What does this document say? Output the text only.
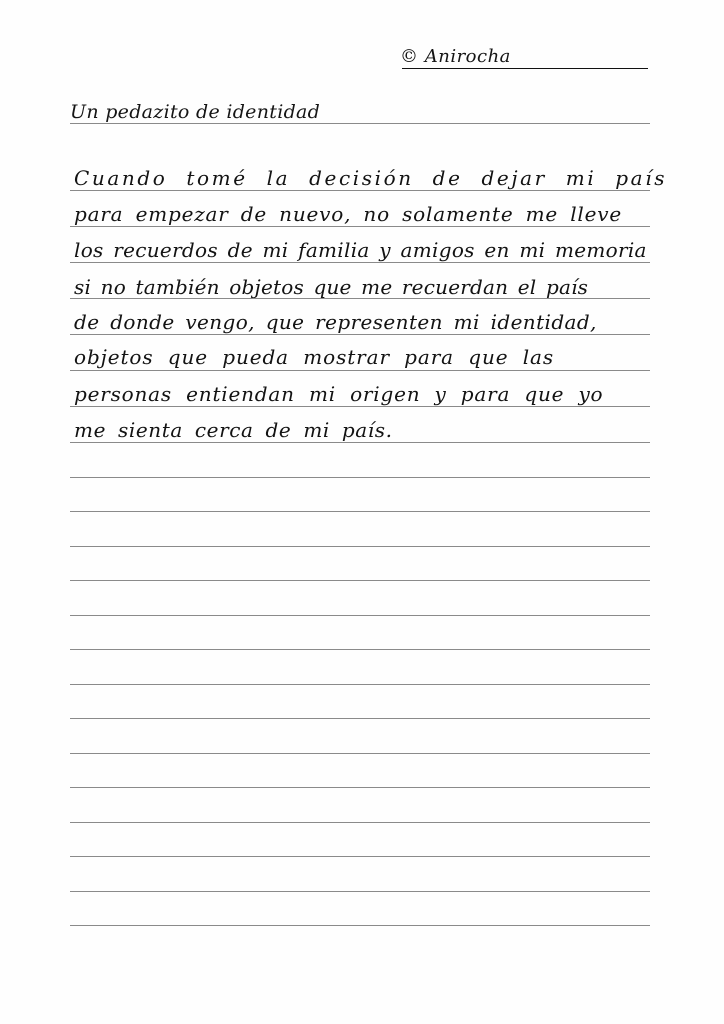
© Anirocha
Un pedazito de identidad
Cuando tomé la decisión de dejar mi país
para empezar de nuevo, no solamente me lleve
los recuerdos de mi familia y amigos en mi memoria
si no también objetos que me recuerdan el país
de donde vengo, que representen mi identidad,
objetos que pueda mostrar para que las
personas entiendan mi origen y para que yo
me sienta cerca de mi país.
